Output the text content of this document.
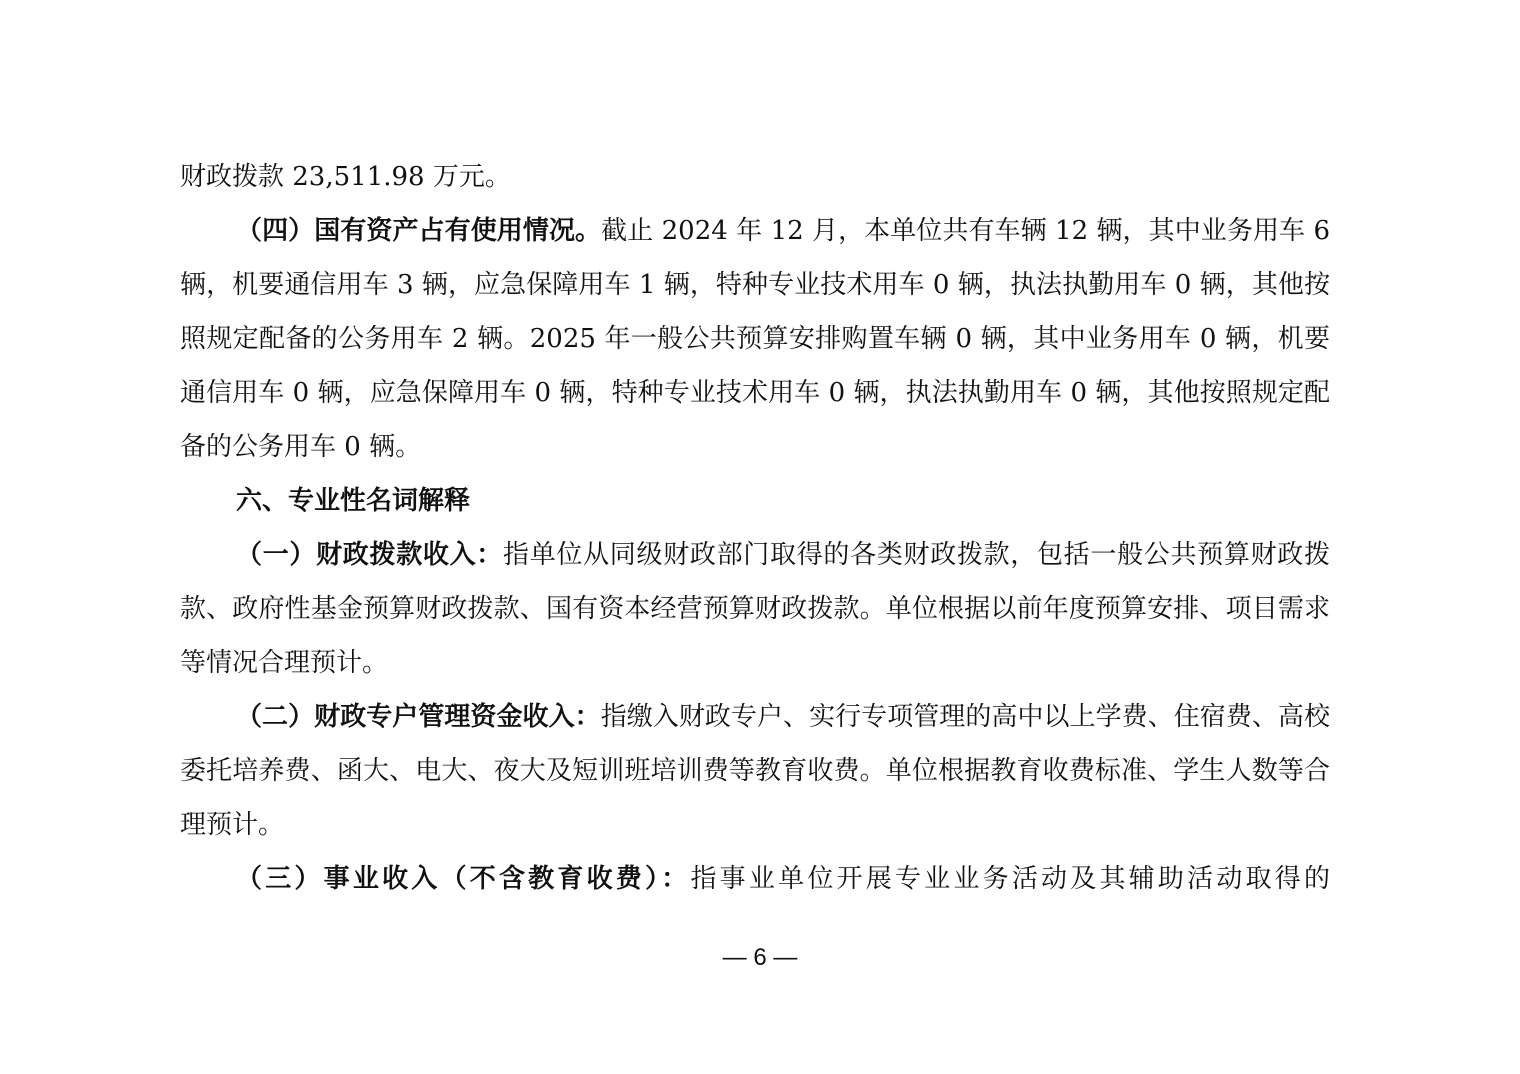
财政拨款 23,511.98 万元。

（四）国有资产占有使用情况。截止 2024 年 12 月，本单位共有车辆 12 辆，其中业务用车 6 辆，机要通信用车 3 辆，应急保障用车 1 辆，特种专业技术用车 0 辆，执法执勤用车 0 辆，其他按照规定配备的公务用车 2 辆。2025 年一般公共预算安排购置车辆 0 辆，其中业务用车 0 辆，机要通信用车 0 辆，应急保障用车 0 辆，特种专业技术用车 0 辆，执法执勤用车 0 辆，其他按照规定配备的公务用车 0 辆。

六、专业性名词解释

（一）财政拨款收入：指单位从同级财政部门取得的各类财政拨款，包括一般公共预算财政拨款、政府性基金预算财政拨款、国有资本经营预算财政拨款。单位根据以前年度预算安排、项目需求等情况合理预计。

（二）财政专户管理资金收入：指缴入财政专户、实行专项管理的高中以上学费、住宿费、高校委托培养费、函大、电大、夜大及短训班培训费等教育收费。单位根据教育收费标准、学生人数等合理预计。

（三）事业收入（不含教育收费）：指事业单位开展专业业务活动及其辅助活动取得的

— 6 —
